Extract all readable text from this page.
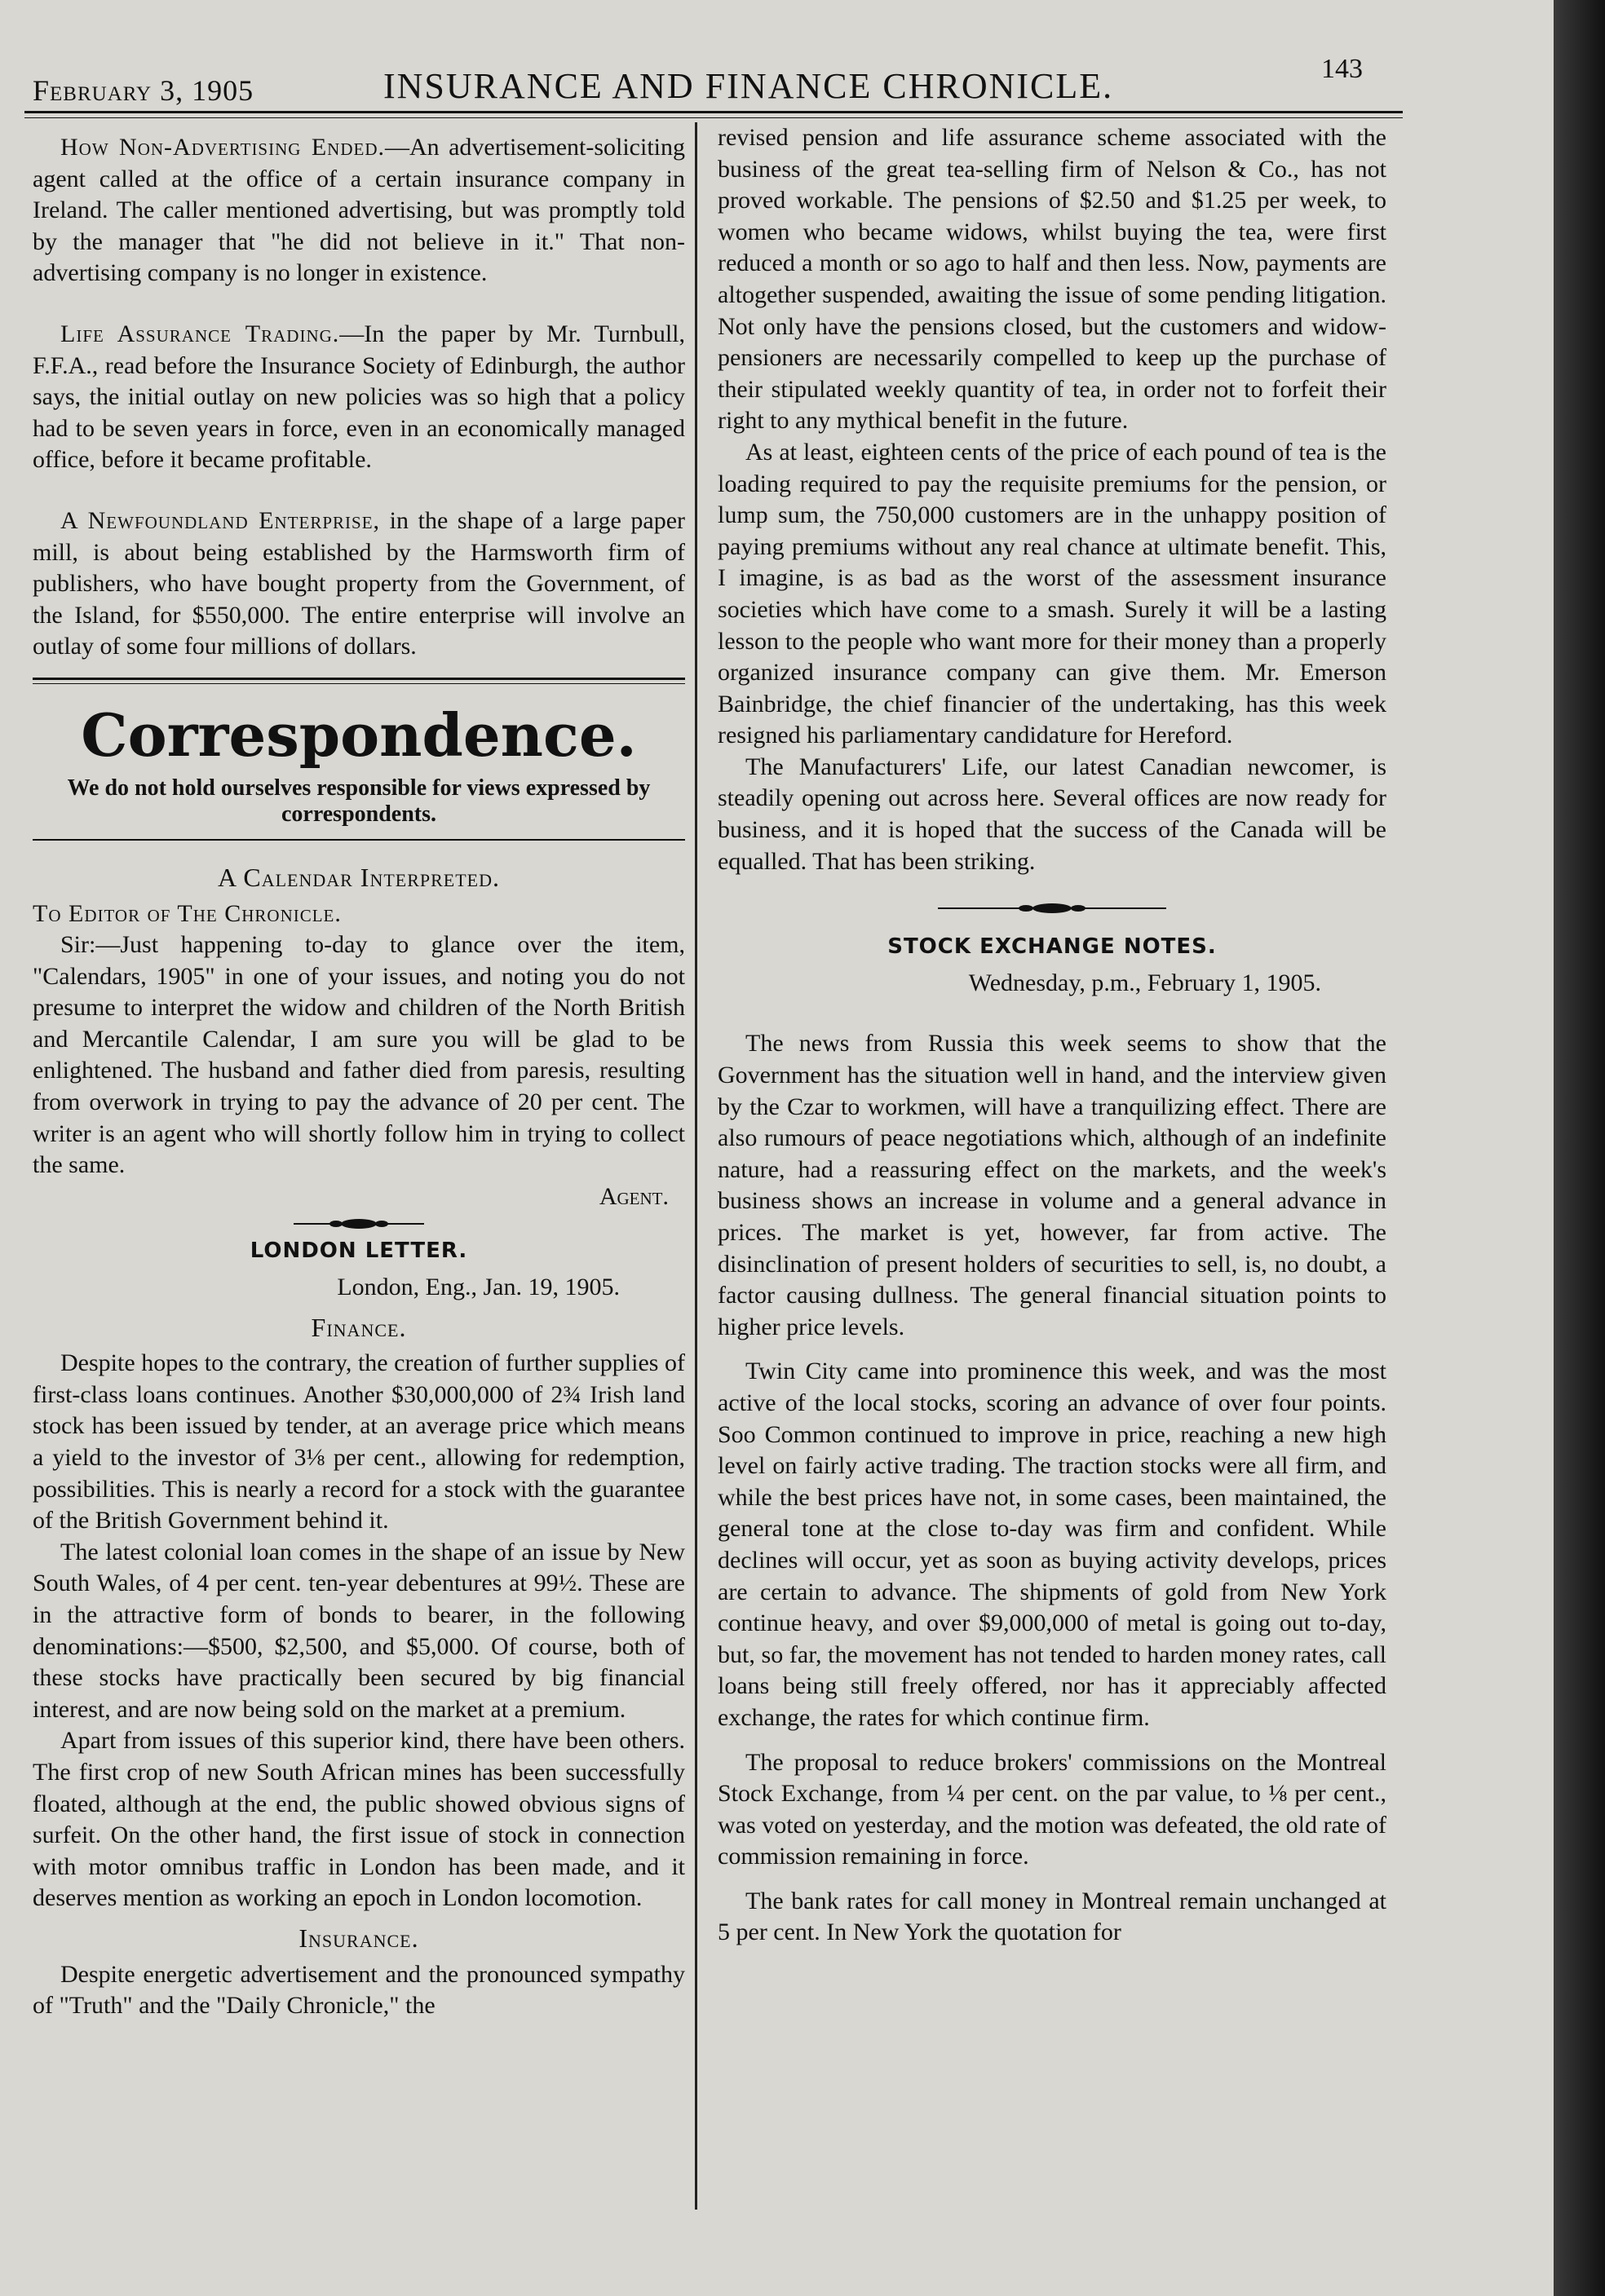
February 3, 1905	INSURANCE AND FINANCE CHRONICLE.	143

How Non-Advertising Ended.—An advertisement-soliciting agent called at the office of a certain insurance company in Ireland. The caller mentioned advertising, but was promptly told by the manager that "he did not believe in it." That non-advertising company is no longer in existence.

Life Assurance Trading.—In the paper by Mr. Turnbull, F.F.A., read before the Insurance Society of Edinburgh, the author says, the initial outlay on new policies was so high that a policy had to be seven years in force, even in an economically managed office, before it became profitable.

A Newfoundland Enterprise, in the shape of a large paper mill, is about being established by the Harmsworth firm of publishers, who have bought property from the Government, of the Island, for $550,000. The entire enterprise will involve an outlay of some four millions of dollars.

Correspondence.
We do not hold ourselves responsible for views expressed by correspondents.
A Calendar Interpreted.

To Editor of The Chronicle.

Sir:—Just happening to-day to glance over the item, "Calendars, 1905" in one of your issues, and noting you do not presume to interpret the widow and children of the North British and Mercantile Calendar, I am sure you will be glad to be enlightened. The husband and father died from paresis, resulting from overwork in trying to pay the advance of 20 per cent. The writer is an agent who will shortly follow him in trying to collect the same.

Agent.
LONDON LETTER.
London, Eng., Jan. 19, 1905.
Finance.

Despite hopes to the contrary, the creation of further supplies of first-class loans continues. Another $30,000,000 of 2¾ Irish land stock has been issued by tender, at an average price which means a yield to the investor of 3⅛ per cent., allowing for redemption, possibilities. This is nearly a record for a stock with the guarantee of the British Government behind it.

The latest colonial loan comes in the shape of an issue by New South Wales, of 4 per cent. ten-year debentures at 99½. These are in the attractive form of bonds to bearer, in the following denominations:—$500, $2,500, and $5,000. Of course, both of these stocks have practically been secured by big financial interest, and are now being sold on the market at a premium.

Apart from issues of this superior kind, there have been others. The first crop of new South African mines has been successfully floated, although at the end, the public showed obvious signs of surfeit. On the other hand, the first issue of stock in connection with motor omnibus traffic in London has been made, and it deserves mention as working an epoch in London locomotion.

Insurance.

Despite energetic advertisement and the pronounced sympathy of "Truth" and the "Daily Chronicle," the

revised pension and life assurance scheme associated with the business of the great tea-selling firm of Nelson & Co., has not proved workable. The pensions of $2.50 and $1.25 per week, to women who became widows, whilst buying the tea, were first reduced a month or so ago to half and then less. Now, payments are altogether suspended, awaiting the issue of some pending litigation. Not only have the pensions closed, but the customers and widow-pensioners are necessarily compelled to keep up the purchase of their stipulated weekly quantity of tea, in order not to forfeit their right to any mythical benefit in the future.

As at least, eighteen cents of the price of each pound of tea is the loading required to pay the requisite premiums for the pension, or lump sum, the 750,000 customers are in the unhappy position of paying premiums without any real chance at ultimate benefit. This, I imagine, is as bad as the worst of the assessment insurance societies which have come to a smash. Surely it will be a lasting lesson to the people who want more for their money than a properly organized insurance company can give them. Mr. Emerson Bainbridge, the chief financier of the undertaking, has this week resigned his parliamentary candidature for Hereford.

The Manufacturers' Life, our latest Canadian newcomer, is steadily opening out across here. Several offices are now ready for business, and it is hoped that the success of the Canada will be equalled. That has been striking.

STOCK EXCHANGE NOTES.
Wednesday, p.m., February 1, 1905.

The news from Russia this week seems to show that the Government has the situation well in hand, and the interview given by the Czar to workmen, will have a tranquilizing effect. There are also rumours of peace negotiations which, although of an indefinite nature, had a reassuring effect on the markets, and the week's business shows an increase in volume and a general advance in prices. The market is yet, however, far from active. The disinclination of present holders of securities to sell, is, no doubt, a factor causing dullness. The general financial situation points to higher price levels.

Twin City came into prominence this week, and was the most active of the local stocks, scoring an advance of over four points. Soo Common continued to improve in price, reaching a new high level on fairly active trading. The traction stocks were all firm, and while the best prices have not, in some cases, been maintained, the general tone at the close to-day was firm and confident. While declines will occur, yet as soon as buying activity develops, prices are certain to advance. The shipments of gold from New York continue heavy, and over $9,000,000 of metal is going out to-day, but, so far, the movement has not tended to harden money rates, call loans being still freely offered, nor has it appreciably affected exchange, the rates for which continue firm.

The proposal to reduce brokers' commissions on the Montreal Stock Exchange, from ¼ per cent. on the par value, to ⅛ per cent., was voted on yesterday, and the motion was defeated, the old rate of commission remaining in force.

The bank rates for call money in Montreal remain unchanged at 5 per cent. In New York the quotation for
